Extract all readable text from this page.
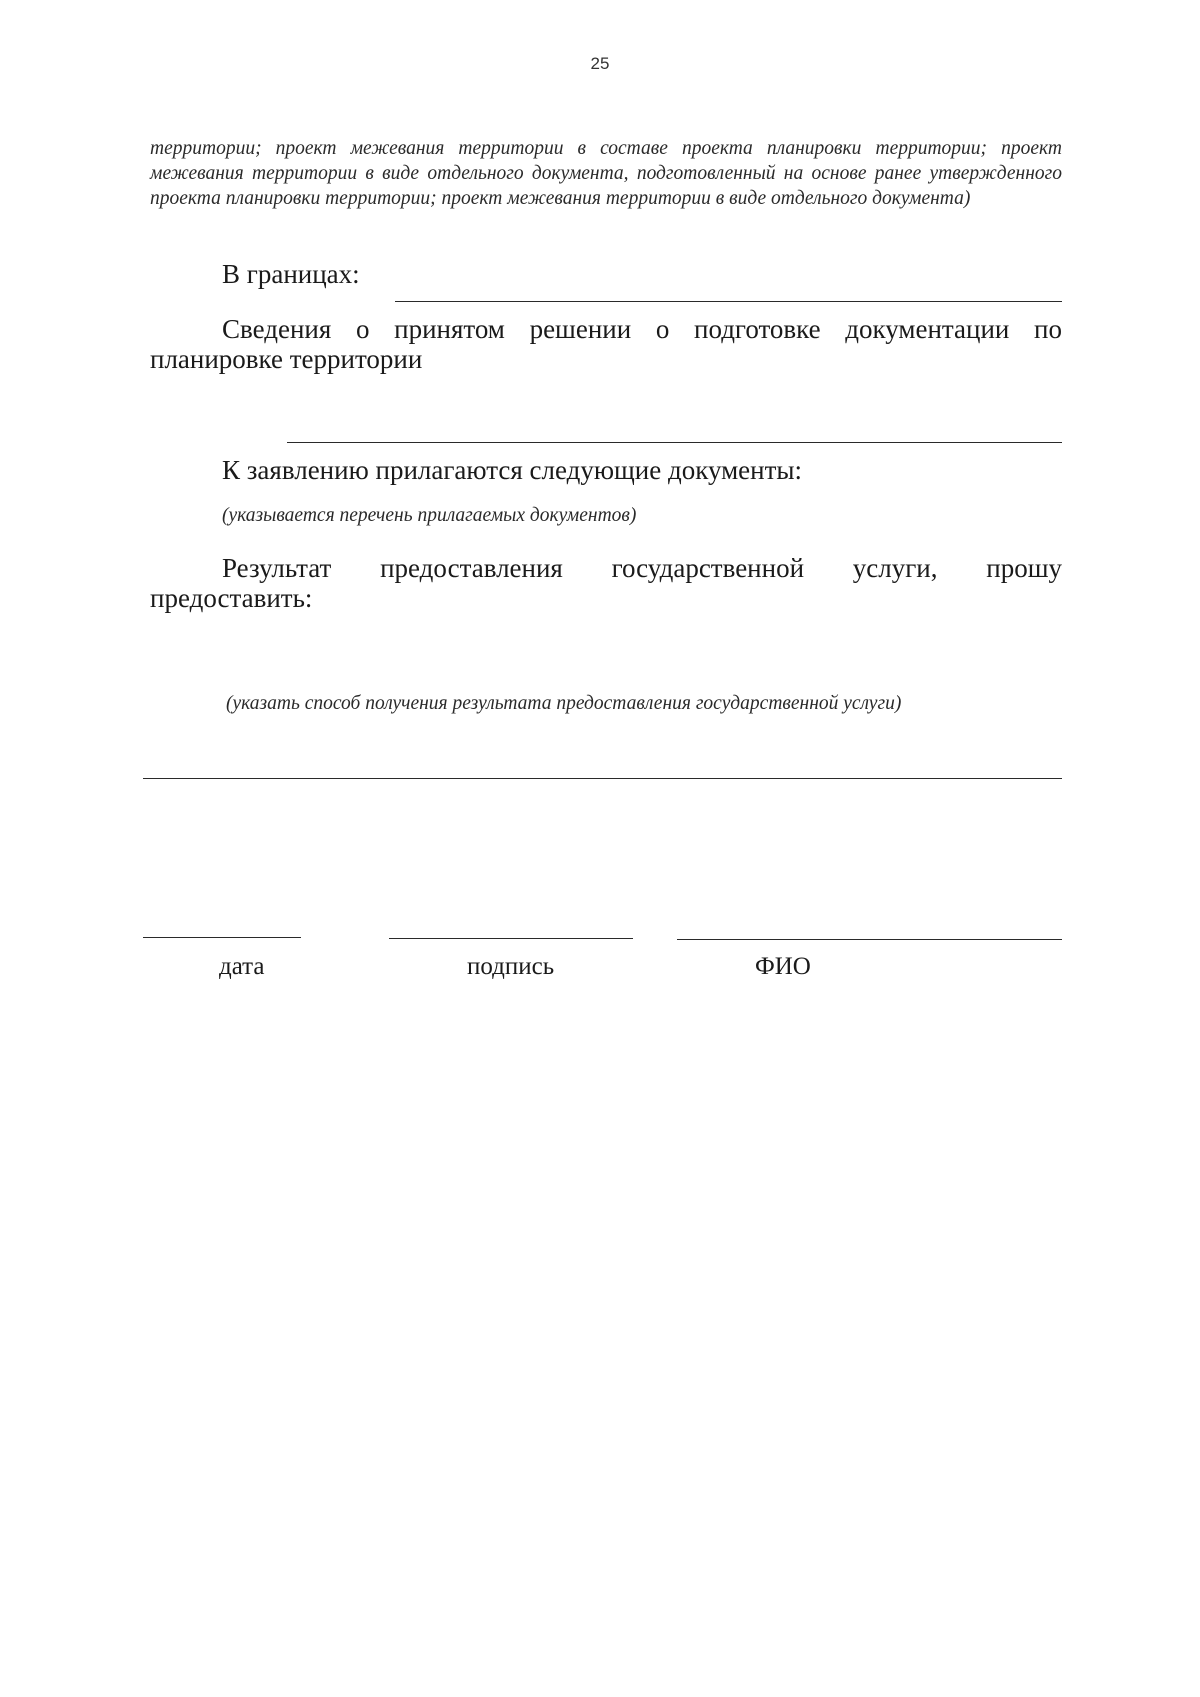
25
территории; проект межевания территории в составе проекта планировки территории; проект межевания территории в виде отдельного документа, подготовленный на основе ранее утвержденного проекта планировки территории; проект межевания территории в виде отдельного документа)
В границах:
Сведения о принятом решении о подготовке документации по планировке территории
К заявлению прилагаются следующие документы:
(указывается перечень прилагаемых документов)
Результат предоставления государственной услуги, прошу предоставить:
(указать способ получения результата предоставления государственной услуги)
дата	подпись	ФИО
